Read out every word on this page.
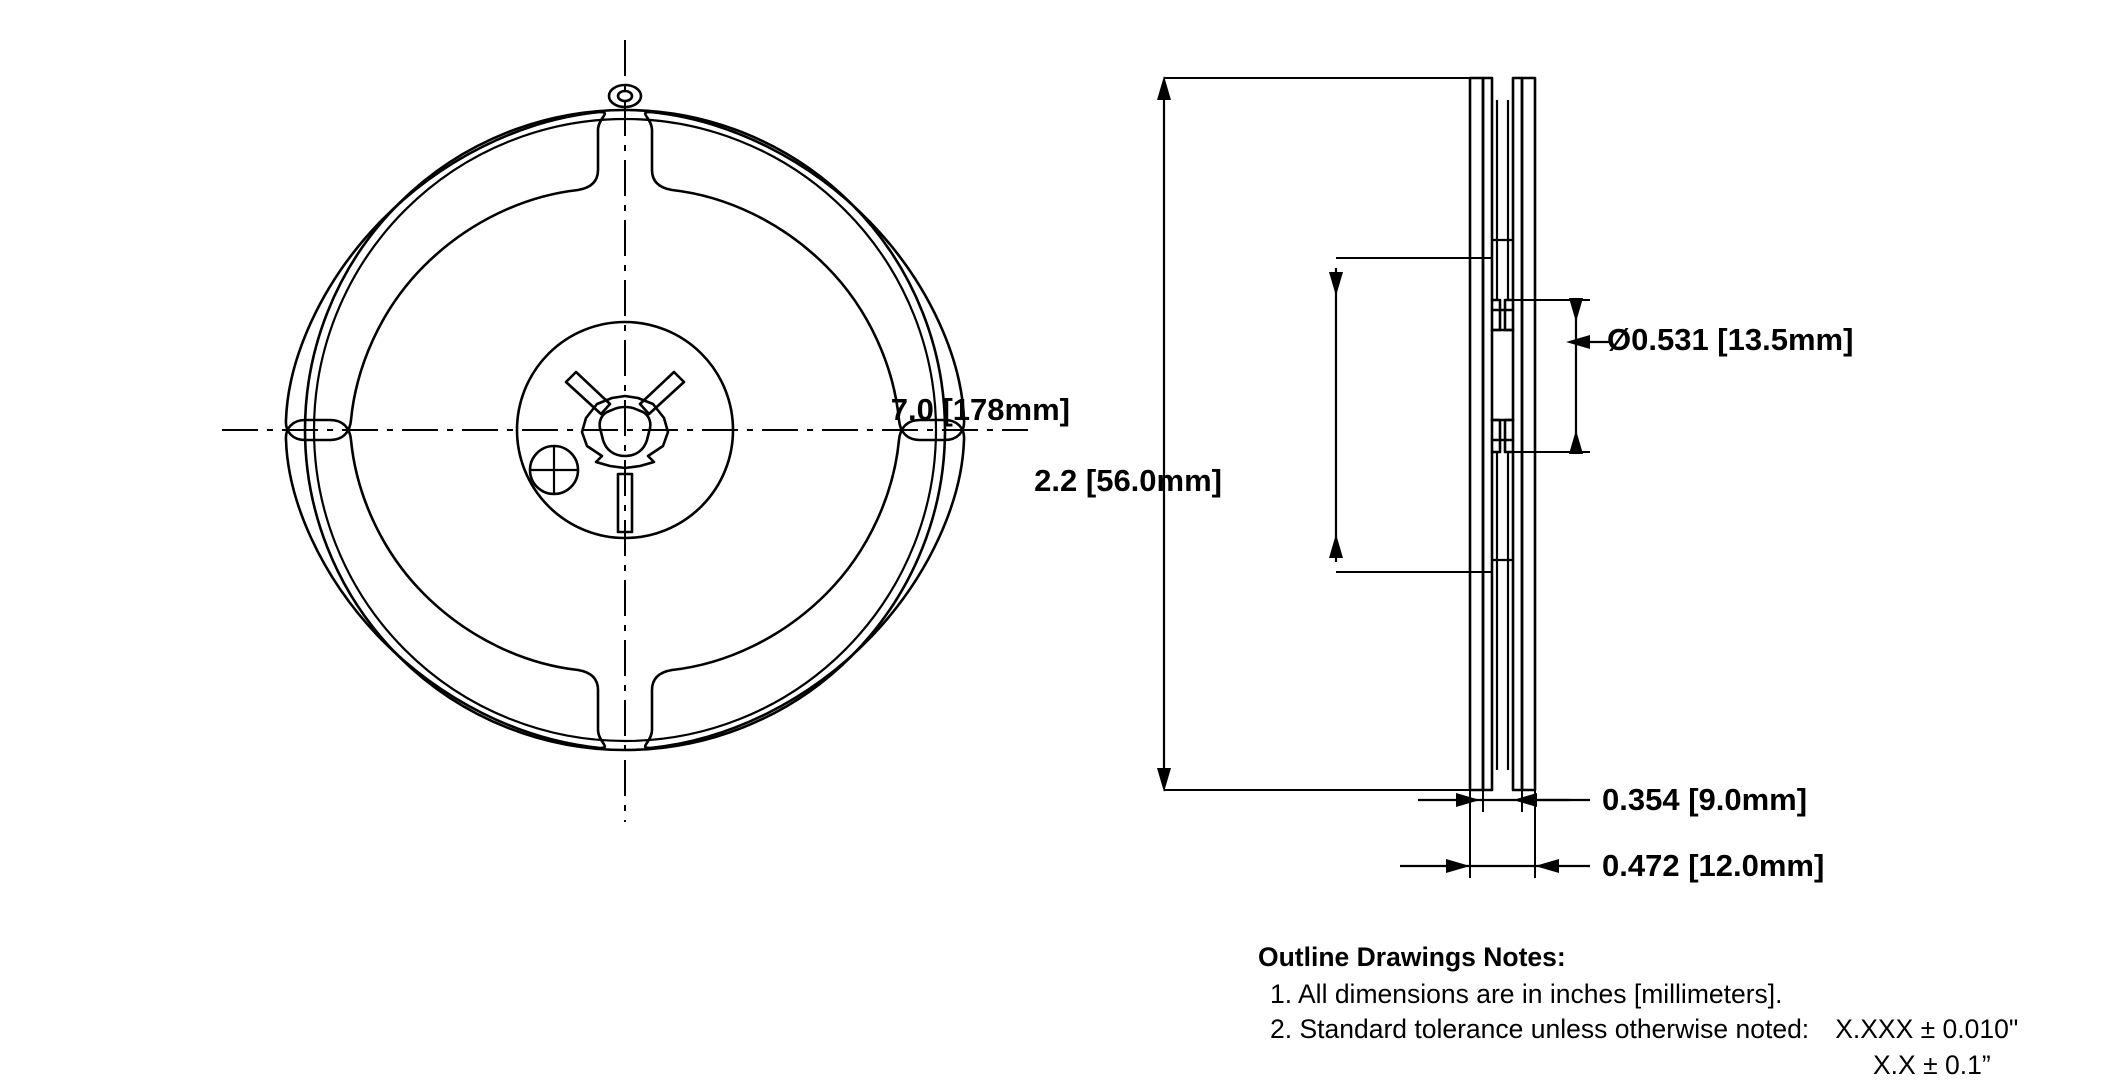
7.0 [178mm]
2.2 [56.0mm]
Ø0.531 [13.5mm]
0.354 [9.0mm]
0.472 [12.0mm]
Outline Drawings Notes:
1. All dimensions are in inches [millimeters].
2. Standard tolerance unless otherwise noted: X.XXX ± 0.010"
X.X ± 0.1”
